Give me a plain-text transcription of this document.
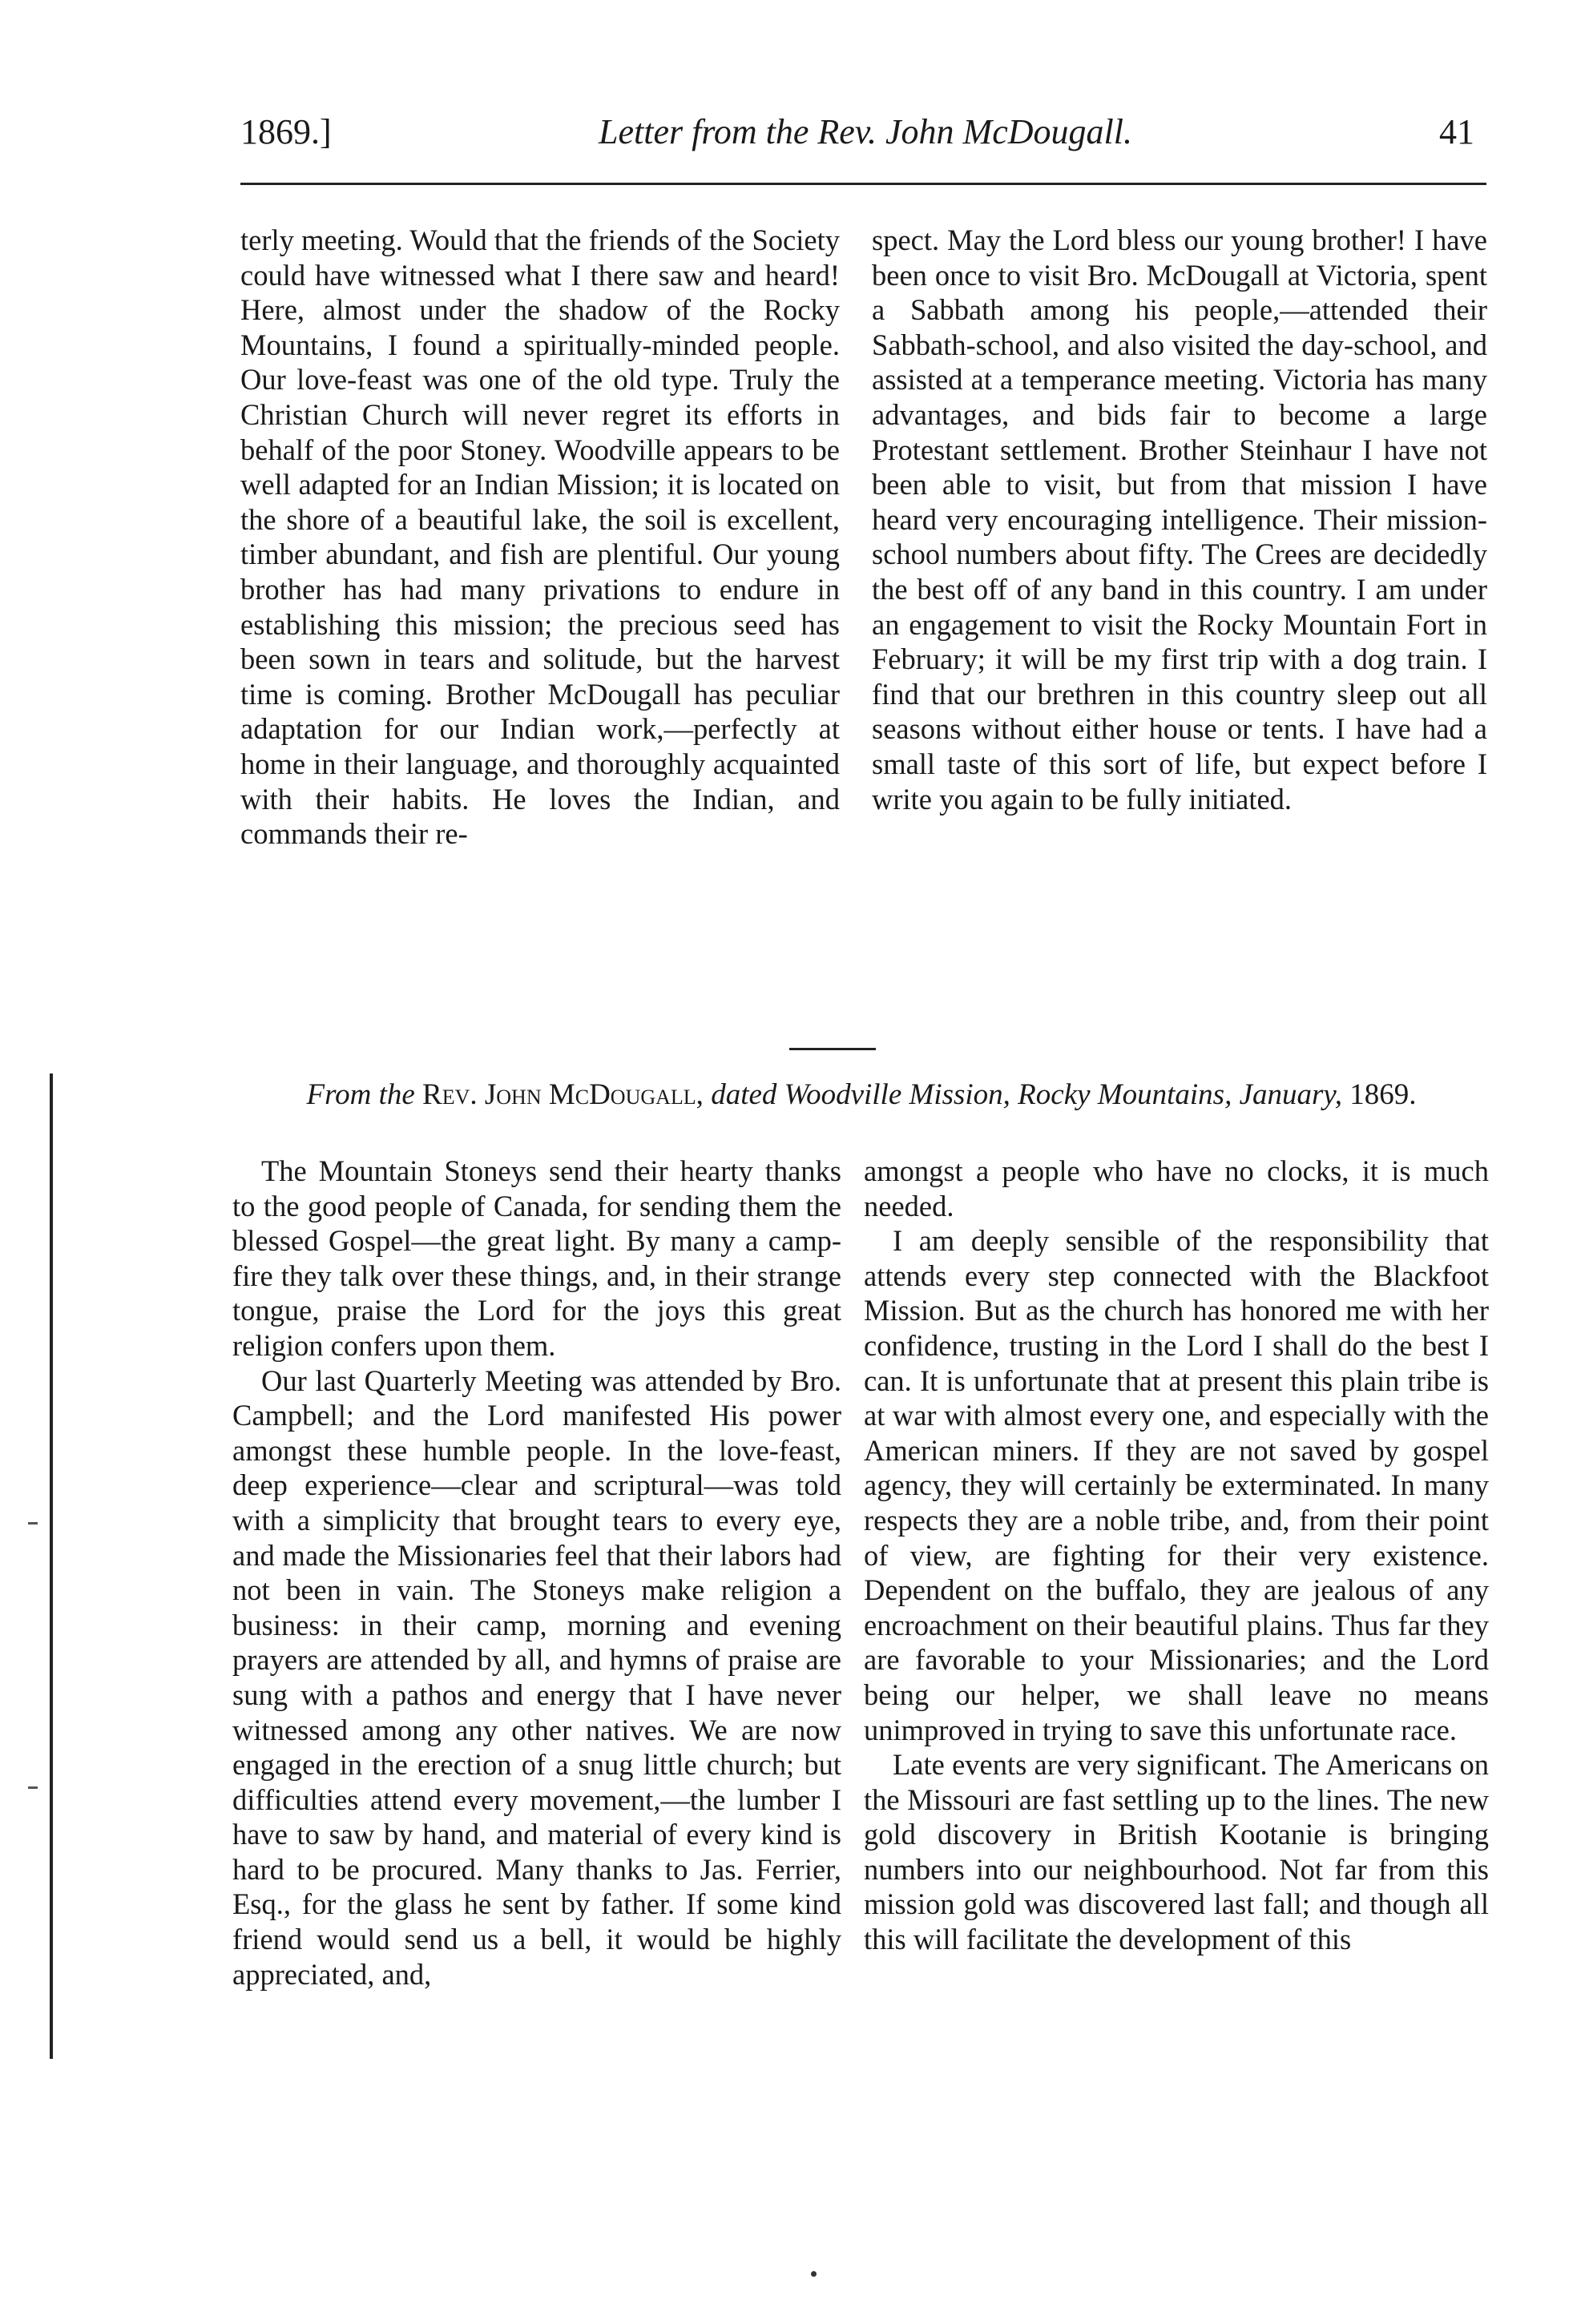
1869.]	Letter from the Rev. John McDougall.	41

terly meeting. Would that the friends of the Society could have witnessed what I there saw and heard! Here, almost under the shadow of the Rocky Mountains, I found a spiritually-minded people. Our love-feast was one of the old type. Truly the Christian Church will never regret its efforts in behalf of the poor Stoney. Woodville appears to be well adapted for an Indian Mission; it is located on the shore of a beautiful lake, the soil is excellent, timber abundant, and fish are plentiful. Our young brother has had many privations to endure in establishing this mission; the precious seed has been sown in tears and solitude, but the harvest time is coming. Brother McDougall has peculiar adaptation for our Indian work,—perfectly at home in their language, and thoroughly acquainted with their habits. He loves the Indian, and commands their re-

spect. May the Lord bless our young brother! I have been once to visit Bro. McDougall at Victoria, spent a Sabbath among his people,—attended their Sabbath-school, and also visited the day-school, and assisted at a temperance meeting. Victoria has many advantages, and bids fair to become a large Protestant settlement. Brother Steinhaur I have not been able to visit, but from that mission I have heard very encouraging intelligence. Their mission-school numbers about fifty. The Crees are decidedly the best off of any band in this country. I am under an engagement to visit the Rocky Mountain Fort in February; it will be my first trip with a dog train. I find that our brethren in this country sleep out all seasons without either house or tents. I have had a small taste of this sort of life, but expect before I write you again to be fully initiated.

From the Rev. John McDougall, dated Woodville Mission, Rocky Mountains, January, 1869.

The Mountain Stoneys send their hearty thanks to the good people of Canada, for sending them the blessed Gospel—the great light. By many a camp-fire they talk over these things, and, in their strange tongue, praise the Lord for the joys this great religion confers upon them.

Our last Quarterly Meeting was attended by Bro. Campbell; and the Lord manifested His power amongst these humble people. In the love-feast, deep experience—clear and scriptural—was told with a simplicity that brought tears to every eye, and made the Missionaries feel that their labors had not been in vain. The Stoneys make religion a business: in their camp, morning and evening prayers are attended by all, and hymns of praise are sung with a pathos and energy that I have never witnessed among any other natives. We are now engaged in the erection of a snug little church; but difficulties attend every movement,—the lumber I have to saw by hand, and material of every kind is hard to be procured. Many thanks to Jas. Ferrier, Esq., for the glass he sent by father. If some kind friend would send us a bell, it would be highly appreciated, and,

amongst a people who have no clocks, it is much needed.

I am deeply sensible of the responsibility that attends every step connected with the Blackfoot Mission. But as the church has honored me with her confidence, trusting in the Lord I shall do the best I can. It is unfortunate that at present this plain tribe is at war with almost every one, and especially with the American miners. If they are not saved by gospel agency, they will certainly be exterminated. In many respects they are a noble tribe, and, from their point of view, are fighting for their very existence. Dependent on the buffalo, they are jealous of any encroachment on their beautiful plains. Thus far they are favorable to your Missionaries; and the Lord being our helper, we shall leave no means unimproved in trying to save this unfortunate race.

Late events are very significant. The Americans on the Missouri are fast settling up to the lines. The new gold discovery in British Kootanie is bringing numbers into our neighbourhood. Not far from this mission gold was discovered last fall; and though all this will facilitate the development of this
